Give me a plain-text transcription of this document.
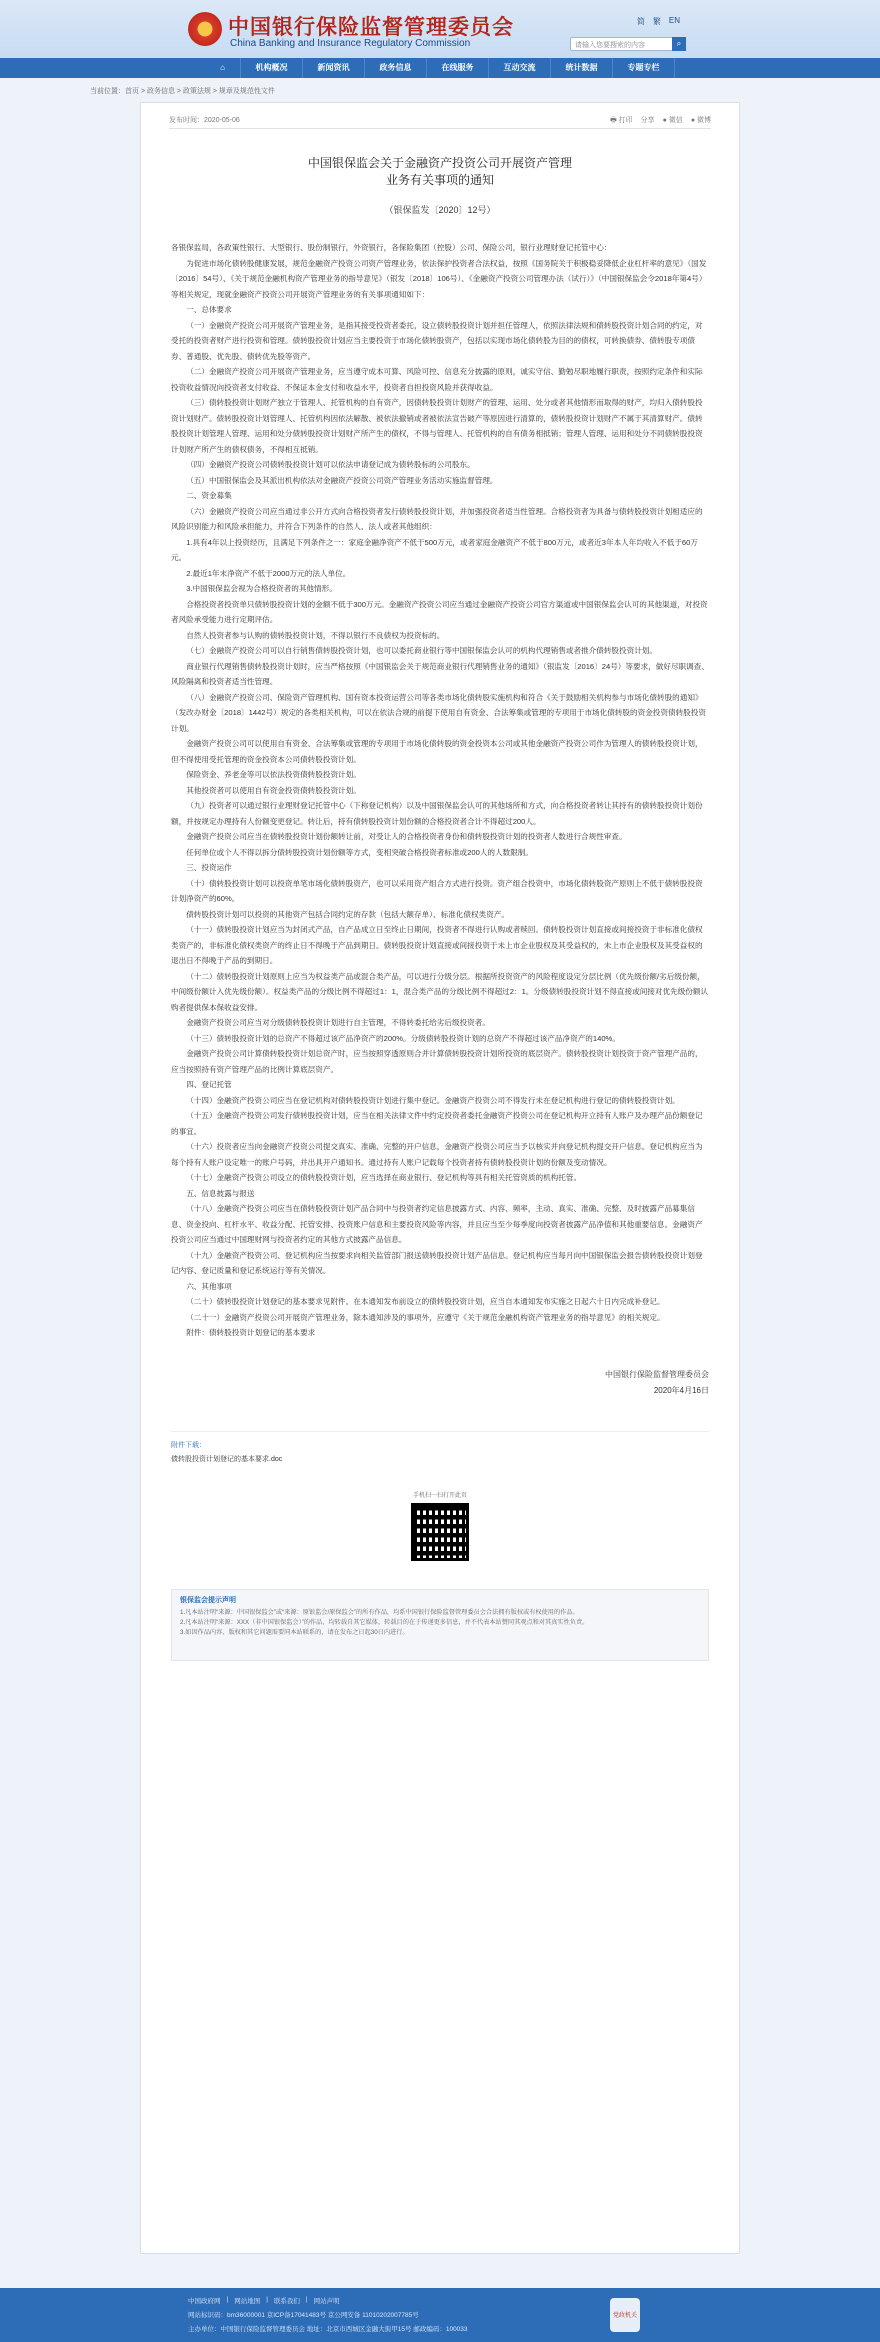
中国银行保险监督管理委员会
China Banking and Insurance Regulatory Commission
简 繁 EN
请输入您要搜索的内容	⌕
⌂	机构概况	新闻资讯	政务信息	在线服务	互动交流	统计数据	专题专栏
当前位置：首页 > 政务信息 > 政策法规 > 规章及规范性文件
发布时间：2020-05-06	🖶 打印 分享 ● 微信 ● 微博
中国银保监会关于金融资产投资公司开展资产管理
业务有关事项的通知
（银保监发〔2020〕12号）

各银保监局，各政策性银行、大型银行、股份制银行，外资银行，各保险集团（控股）公司、保险公司，银行业理财登记托管中心：

为促进市场化债转股健康发展，规范金融资产投资公司资产管理业务，依法保护投资者合法权益，按照《国务院关于积极稳妥降低企业杠杆率的意见》（国发〔2016〕54号）、《关于规范金融机构资产管理业务的指导意见》（银发〔2018〕106号）、《金融资产投资公司管理办法（试行）》（中国银保监会令2018年第4号）等相关规定，现就金融资产投资公司开展资产管理业务的有关事项通知如下：

一、总体要求

（一）金融资产投资公司开展资产管理业务，是指其接受投资者委托，设立债转股投资计划并担任管理人，依照法律法规和债转股投资计划合同的约定，对受托的投资者财产进行投资和管理。债转股投资计划应当主要投资于市场化债转股资产，包括以实现市场化债转股为目的的债权，可转换债券、债转股专项债券、普通股、优先股、债转优先股等资产。

（二）金融资产投资公司开展资产管理业务，应当遵守成本可算、风险可控、信息充分披露的原则，诚实守信、勤勉尽职地履行职责，按照约定条件和实际投资收益情况向投资者支付收益、不保证本金支付和收益水平，投资者自担投资风险并获得收益。

（三）债转股投资计划财产独立于管理人、托管机构的自有资产，因债转股投资计划财产的管理、运用、处分或者其他情形而取得的财产，均归入债转股投资计划财产。债转股投资计划管理人、托管机构因依法解散、被依法撤销或者被依法宣告破产等原因进行清算的，债转股投资计划财产不属于其清算财产。债转股投资计划管理人管理、运用和处分债转股投资计划财产所产生的债权，不得与管理人、托管机构的自有债务相抵销；管理人管理、运用和处分不同债转股投资计划财产所产生的债权债务，不得相互抵销。

（四）金融资产投资公司债转股投资计划可以依法申请登记成为债转股标的公司股东。

（五）中国银保监会及其派出机构依法对金融资产投资公司资产管理业务活动实施监督管理。

二、资金募集

（六）金融资产投资公司应当通过非公开方式向合格投资者发行债转股投资计划，并加强投资者适当性管理。合格投资者为具备与债转股投资计划相适应的风险识别能力和风险承担能力，并符合下列条件的自然人、法人或者其他组织：

1.具有4年以上投资经历，且满足下列条件之一：家庭金融净资产不低于500万元，或者家庭金融资产不低于800万元，或者近3年本人年均收入不低于60万元。

2.最近1年末净资产不低于2000万元的法人单位。

3.中国银保监会视为合格投资者的其他情形。

合格投资者投资单只债转股投资计划的金额不低于300万元。金融资产投资公司应当通过金融资产投资公司官方渠道或中国银保监会认可的其他渠道，对投资者风险承受能力进行定期评估。

自然人投资者参与认购的债转股投资计划，不得以银行不良债权为投资标的。

（七）金融资产投资公司可以自行销售债转股投资计划，也可以委托商业银行等中国银保监会认可的机构代理销售或者推介债转股投资计划。

商业银行代理销售债转股投资计划时，应当严格按照《中国银监会关于规范商业银行代理销售业务的通知》（银监发〔2016〕24号）等要求，做好尽职调查、风险隔离和投资者适当性管理。

（八）金融资产投资公司、保险资产管理机构、国有资本投资运营公司等各类市场化债转股实施机构和符合《关于鼓励相关机构参与市场化债转股的通知》（发改办财金〔2018〕1442号）规定的各类相关机构，可以在依法合规的前提下使用自有资金、合法筹集或管理的专项用于市场化债转股的资金投资债转股投资计划。

金融资产投资公司可以使用自有资金、合法筹集或管理的专项用于市场化债转股的资金投资本公司或其他金融资产投资公司作为管理人的债转股投资计划，但不得使用受托管理的资金投资本公司债转股投资计划。

保险资金、养老金等可以依法投资债转股投资计划。

其他投资者可以使用自有资金投资债转股投资计划。

（九）投资者可以通过银行业理财登记托管中心（下称登记机构）以及中国银保监会认可的其他场所和方式，向合格投资者转让其持有的债转股投资计划份额，并按规定办理持有人份额变更登记。转让后，持有债转股投资计划份额的合格投资者合计不得超过200人。

金融资产投资公司应当在债转股投资计划份额转让前，对受让人的合格投资者身份和债转股投资计划的投资者人数进行合规性审查。

任何单位或个人不得以拆分债转股投资计划份额等方式，变相突破合格投资者标准或200人的人数限制。

三、投资运作

（十）债转股投资计划可以投资单笔市场化债转股资产，也可以采用资产组合方式进行投资。资产组合投资中，市场化债转股资产原则上不低于债转股投资计划净资产的60%。

债转股投资计划可以投资的其他资产包括合同约定的存款（包括大额存单）、标准化债权类资产。

（十一）债转股投资计划应当为封闭式产品，自产品成立日至终止日期间，投资者不得进行认购或者赎回。债转股投资计划直接或间接投资于非标准化债权类资产的，非标准化债权类资产的终止日不得晚于产品到期日。债转股投资计划直接或间接投资于未上市企业股权及其受益权的，未上市企业股权及其受益权的退出日不得晚于产品的到期日。

（十二）债转股投资计划原则上应当为权益类产品或混合类产品，可以进行分级分层。根据所投资资产的风险程度设定分层比例（优先级份额/劣后级份额，中间级份额计入优先级份额）。权益类产品的分级比例不得超过1：1，混合类产品的分级比例不得超过2：1。分级债转股投资计划不得直接或间接对优先级份额认购者提供保本保收益安排。

金融资产投资公司应当对分级债转股投资计划进行自主管理，不得转委托给劣后级投资者。

（十三）债转股投资计划的总资产不得超过该产品净资产的200%。分级债转股投资计划的总资产不得超过该产品净资产的140%。

金融资产投资公司计算债转股投资计划总资产时，应当按照穿透原则合并计算债转股投资计划所投资的底层资产。债转股投资计划投资于资产管理产品的，应当按照持有资产管理产品的比例计算底层资产。

四、登记托管

（十四）金融资产投资公司应当在登记机构对债转股投资计划进行集中登记。金融资产投资公司不得发行未在登记机构进行登记的债转股投资计划。

（十五）金融资产投资公司发行债转股投资计划，应当在相关法律文件中约定投资者委托金融资产投资公司在登记机构开立持有人账户及办理产品份额登记的事宜。

（十六）投资者应当向金融资产投资公司提交真实、准确、完整的开户信息，金融资产投资公司应当予以核实并向登记机构提交开户信息。登记机构应当为每个持有人账户设定唯一的账户号码，并出具开户通知书。通过持有人账户记载每个投资者持有债转股投资计划的份额及变动情况。

（十七）金融资产投资公司设立的债转股投资计划，应当选择在商业银行、登记机构等具有相关托管资质的机构托管。

五、信息披露与报送

（十八）金融资产投资公司应当在债转股投资计划产品合同中与投资者约定信息披露方式、内容、频率，主动、真实、准确、完整、及时披露产品募集信息、资金投向、杠杆水平、收益分配、托管安排、投资账户信息和主要投资风险等内容，并且应当至少每季度向投资者披露产品净值和其他重要信息。金融资产投资公司应当通过中国理财网与投资者约定的其他方式披露产品信息。

（十九）金融资产投资公司、登记机构应当按要求向相关监管部门报送债转股投资计划产品信息。登记机构应当每月向中国银保监会报告债转股投资计划登记内容、登记质量和登记系统运行等有关情况。

六、其他事项

（二十）债转股投资计划登记的基本要求见附件。在本通知发布前设立的债转股投资计划，应当自本通知发布实施之日起六十日内完成补登记。

（二十一）金融资产投资公司开展资产管理业务，除本通知涉及的事项外，应遵守《关于规范金融机构资产管理业务的指导意见》的相关规定。

附件：债转股投资计划登记的基本要求

中国银行保险监督管理委员会
2020年4月16日
附件下载：
债转股投资计划登记的基本要求.doc
手机扫一扫打开此页
银保监会提示声明
1.凡本站注明“来源：中国银保监会”或“来源：原银监会/原保监会”的所有作品，均系中国银行保险监督管理委员会合法拥有版权或有权使用的作品。
2.凡本站注明“来源：XXX（非中国银保监会）”的作品，均转载自其它媒体，转载目的在于传递更多信息，并不代表本站赞同其观点和对其真实性负责。
3.如因作品内容、版权和其它问题需要同本站联系的，请在发布之日起30日内进行。
中国政府网 | 网站地图 | 联系我们 | 网站声明
网站标识码：bm36000001 京ICP备17041483号 京公网安备 11010202007785号
主办单位：中国银行保险监督管理委员会 地址：北京市西城区金融大街甲15号 邮政编码：100033
党政机关
